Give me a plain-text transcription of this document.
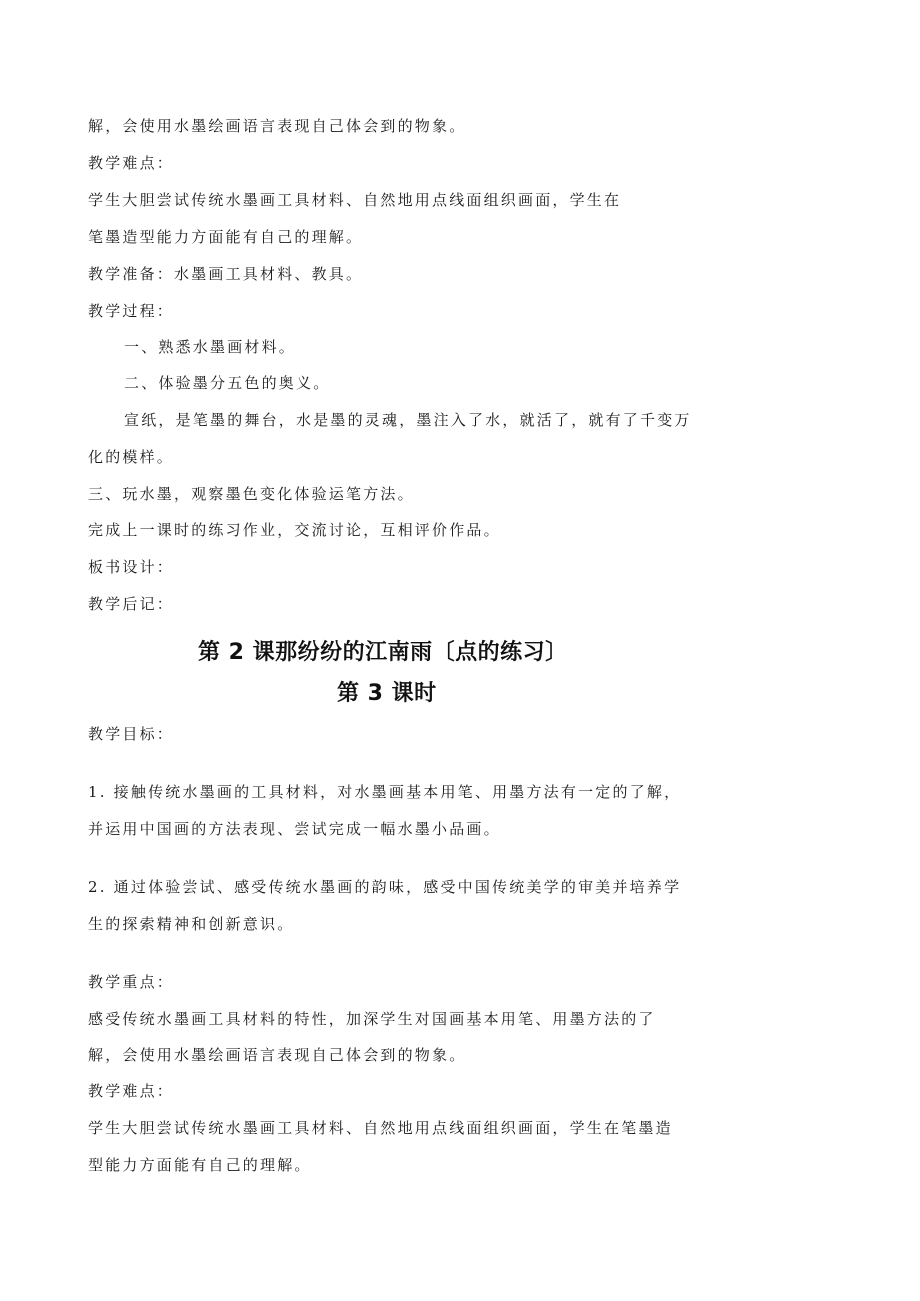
解，会使用水墨绘画语言表现自己体会到的物象。
教学难点：
学生大胆尝试传统水墨画工具材料、自然地用点线面组织画面，学生在
笔墨造型能力方面能有自己的理解。
教学准备：水墨画工具材料、教具。
教学过程：
一、熟悉水墨画材料。
二、体验墨分五色的奥义。
宣纸，是笔墨的舞台，水是墨的灵魂，墨注入了水，就活了，就有了千变万
化的模样。
三、玩水墨，观察墨色变化体验运笔方法。
完成上一课时的练习作业，交流讨论，互相评价作品。
板书设计：
教学后记：
第 2 课那纷纷的江南雨〔点的练习〕
第 3 课时
教学目标：
1. 接触传统水墨画的工具材料，对水墨画基本用笔、用墨方法有一定的了解，
并运用中国画的方法表现、尝试完成一幅水墨小品画。
2. 通过体验尝试、感受传统水墨画的韵味，感受中国传统美学的审美并培养学
生的探索精神和创新意识。
教学重点：
感受传统水墨画工具材料的特性，加深学生对国画基本用笔、用墨方法的了
解，会使用水墨绘画语言表现自己体会到的物象。
教学难点：
学生大胆尝试传统水墨画工具材料、自然地用点线面组织画面，学生在笔墨造
型能力方面能有自己的理解。
